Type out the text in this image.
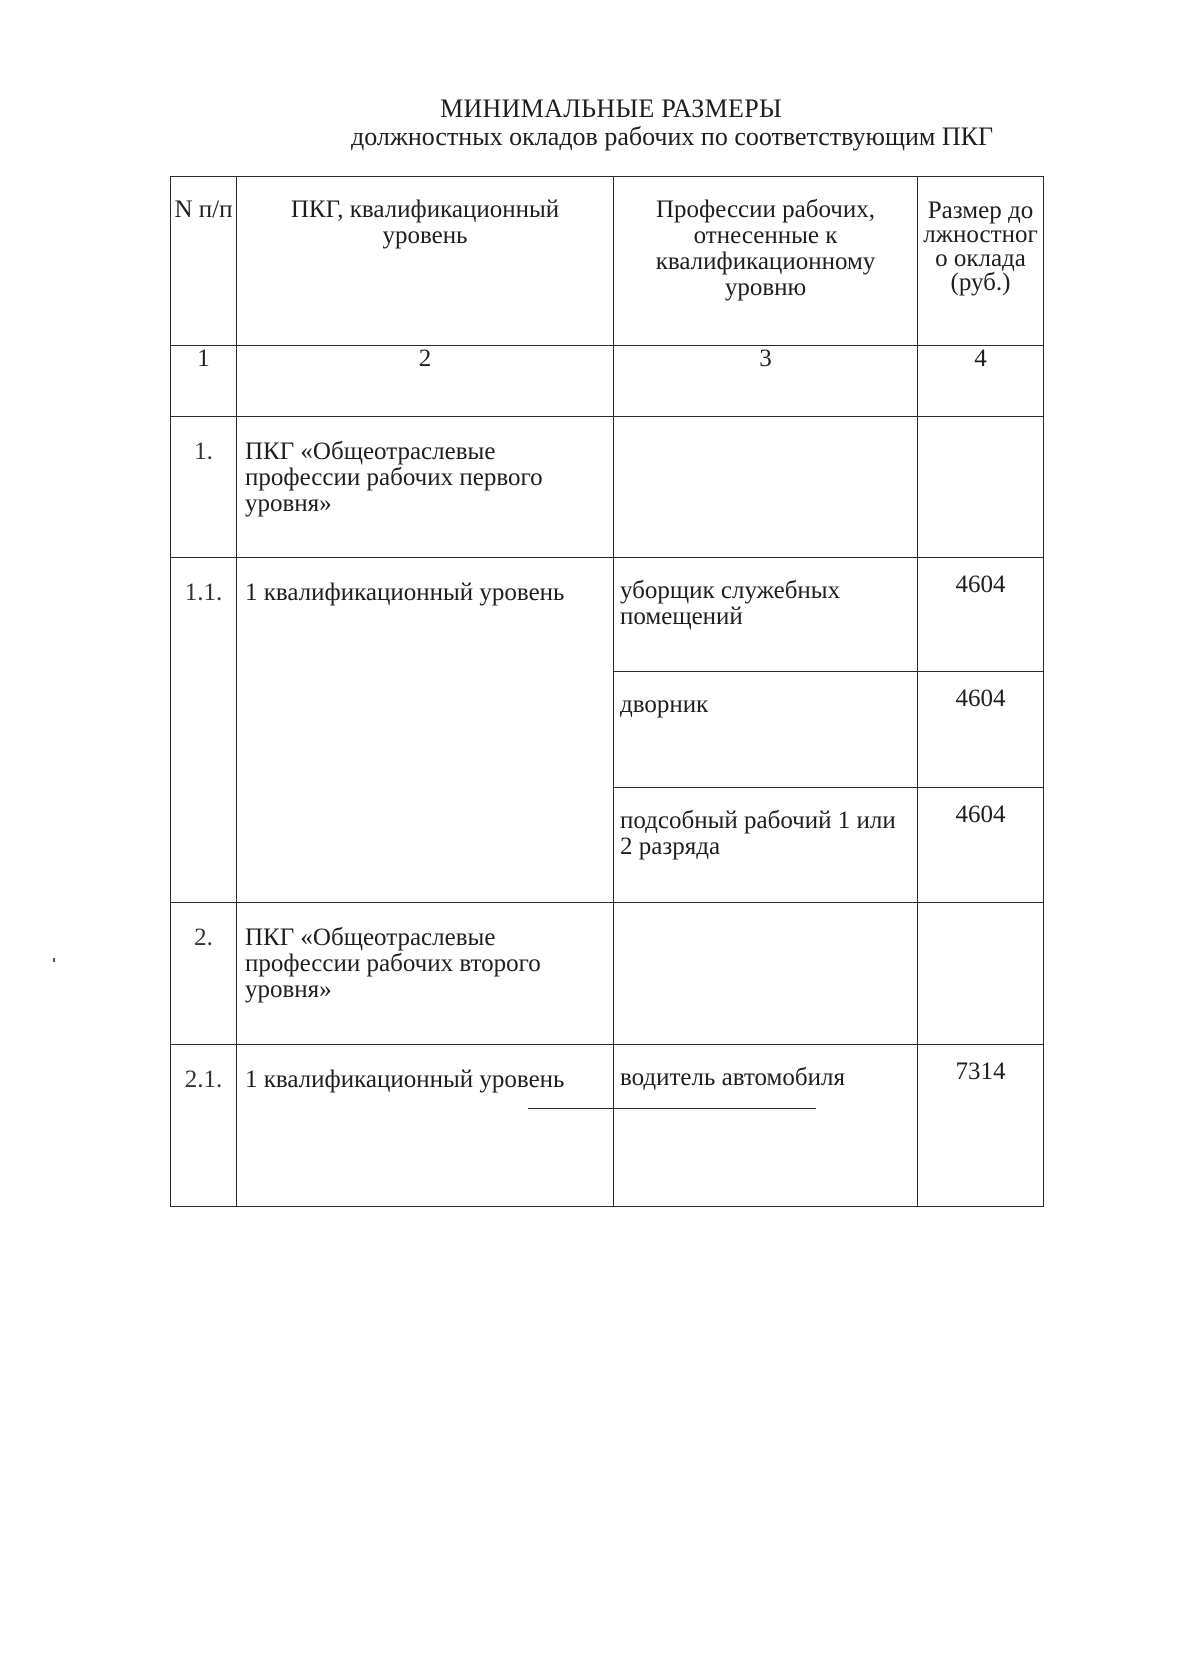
МИНИМАЛЬНЫЕ РАЗМЕРЫ
должностных окладов рабочих по соответствующим ПКГ
N п/п	ПКГ, квалификационный уровень	Профессии рабочих, отнесенные к квалификационному уровню	Размер должностного оклада (руб.)

1	2	3	4
1.	ПКГ «Общеотраслевые профессии рабочих первого уровня»		
1.1.	1 квалификационный уровень	уборщик служебных помещений	4604
		дворник	4604
		подсобный рабочий 1 или 2 разряда	4604
2.	ПКГ «Общеотраслевые профессии рабочих второго уровня»		
2.1.	1 квалификационный уровень	водитель автомобиля	7314
